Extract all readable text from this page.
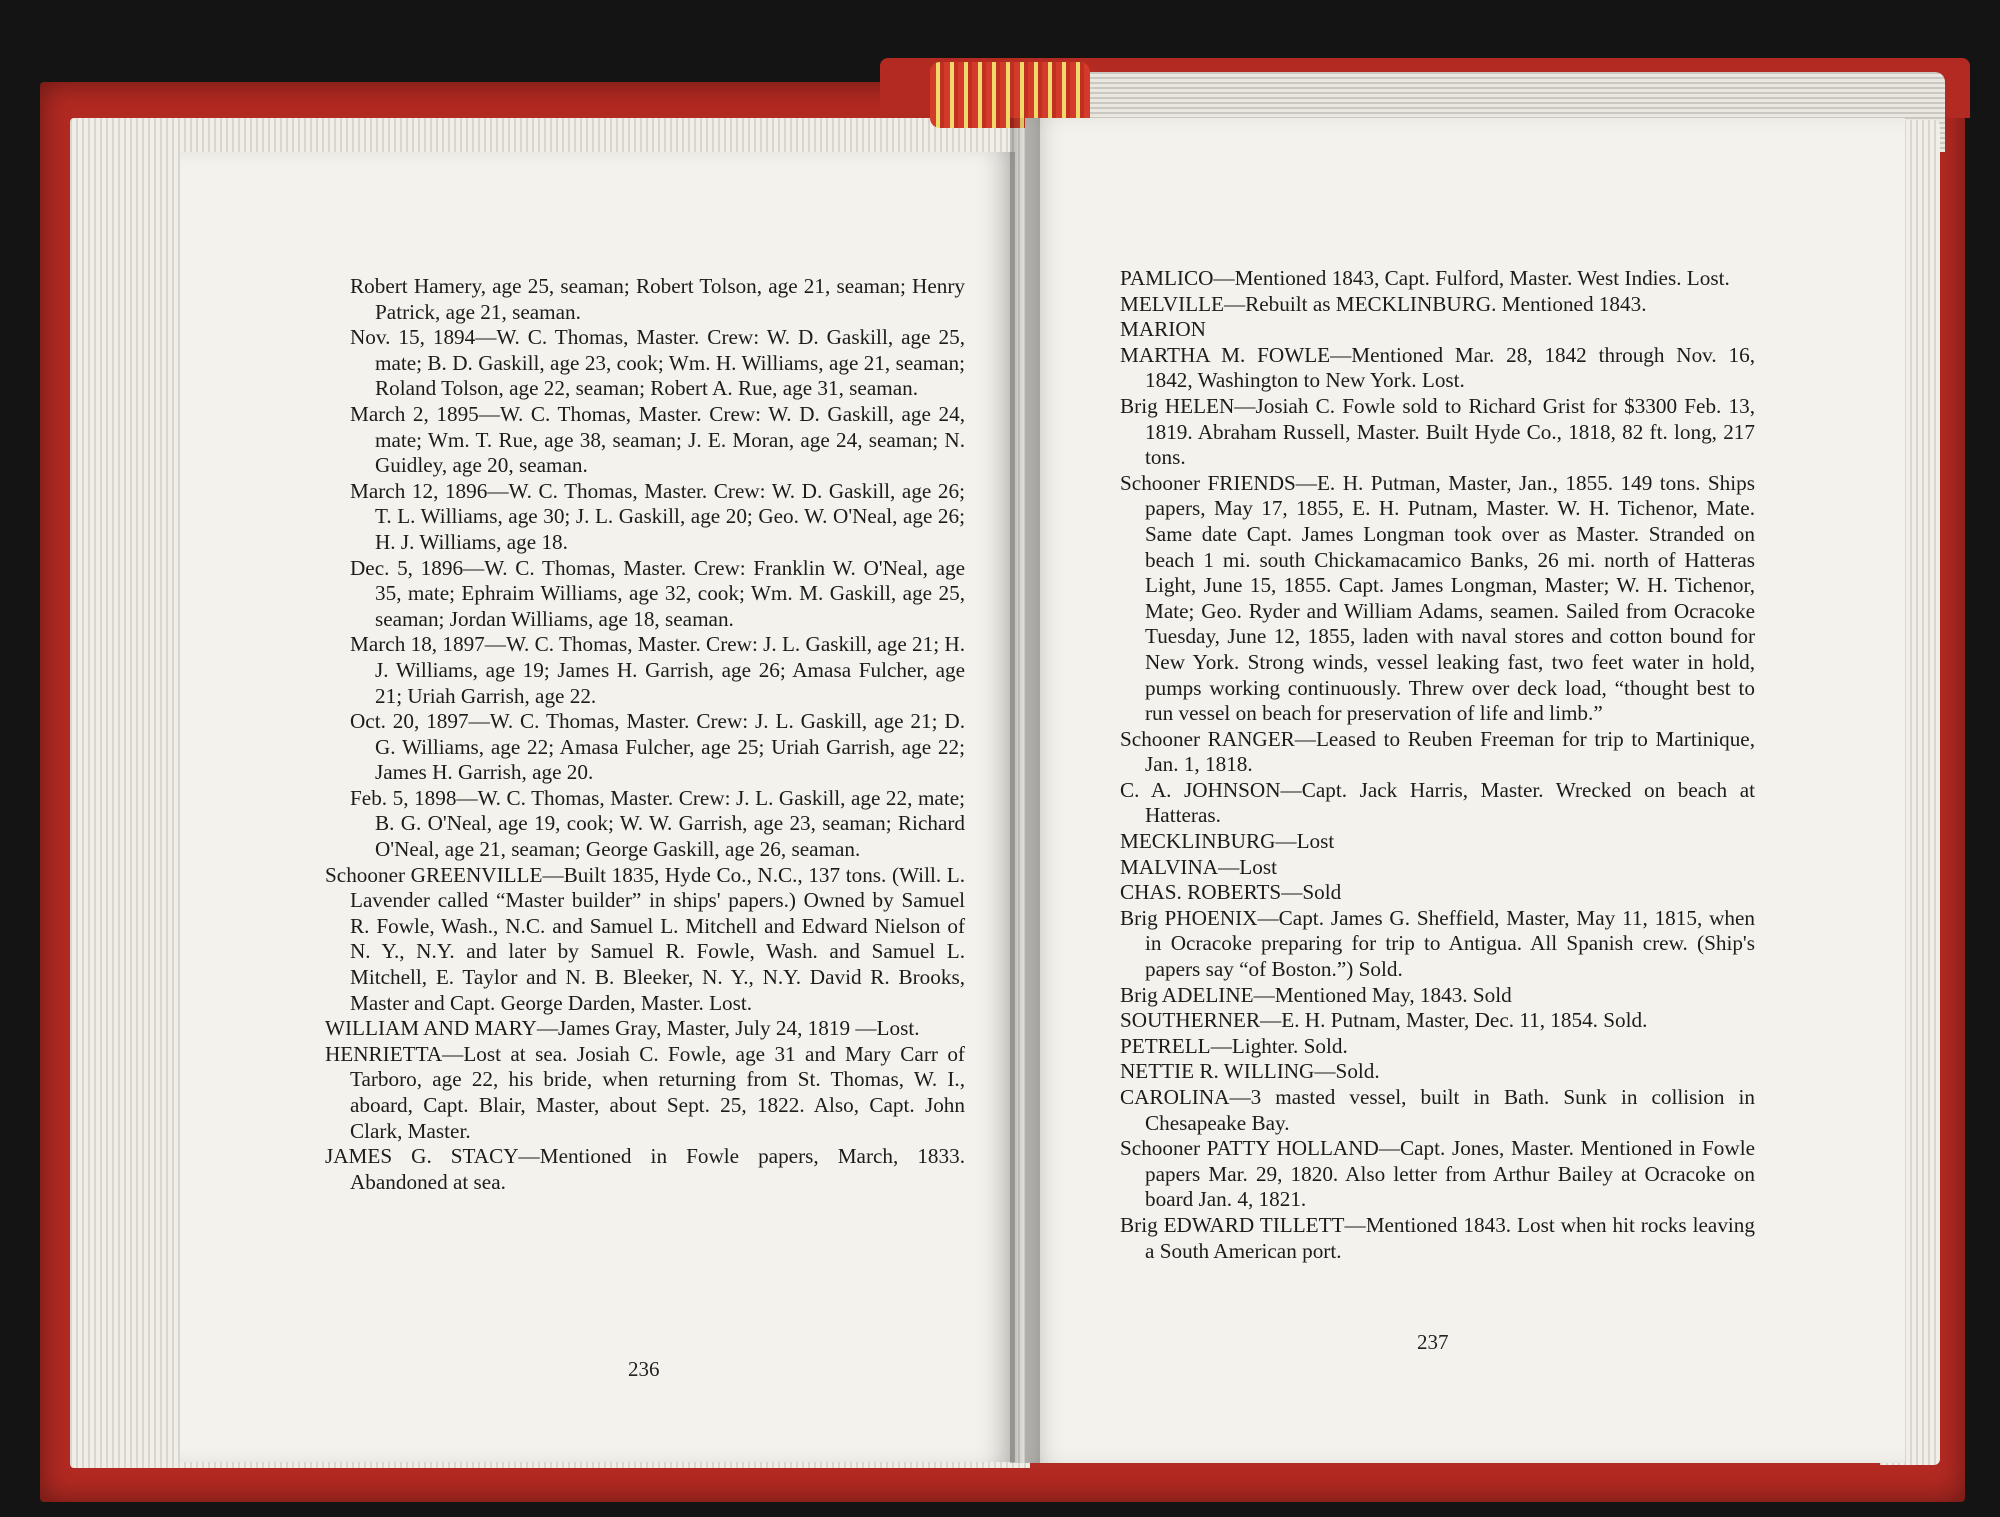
Robert Hamery, age 25, seaman; Robert Tolson, age 21, seaman; Henry Patrick, age 21, seaman.

Nov. 15, 1894—W. C. Thomas, Master. Crew: W. D. Gaskill, age 25, mate; B. D. Gaskill, age 23, cook; Wm. H. Williams, age 21, seaman; Roland Tolson, age 22, seaman; Robert A. Rue, age 31, seaman.

March 2, 1895—W. C. Thomas, Master. Crew: W. D. Gaskill, age 24, mate; Wm. T. Rue, age 38, seaman; J. E. Moran, age 24, seaman; N. Guidley, age 20, seaman.

March 12, 1896—W. C. Thomas, Master. Crew: W. D. Gaskill, age 26; T. L. Williams, age 30; J. L. Gaskill, age 20; Geo. W. O'Neal, age 26; H. J. Williams, age 18.

Dec. 5, 1896—W. C. Thomas, Master. Crew: Franklin W. O'Neal, age 35, mate; Ephraim Williams, age 32, cook; Wm. M. Gaskill, age 25, seaman; Jordan Williams, age 18, seaman.

March 18, 1897—W. C. Thomas, Master. Crew: J. L. Gaskill, age 21; H. J. Williams, age 19; James H. Garrish, age 26; Amasa Fulcher, age 21; Uriah Garrish, age 22.

Oct. 20, 1897—W. C. Thomas, Master. Crew: J. L. Gaskill, age 21; D. G. Williams, age 22; Amasa Fulcher, age 25; Uriah Garrish, age 22; James H. Garrish, age 20.

Feb. 5, 1898—W. C. Thomas, Master. Crew: J. L. Gaskill, age 22, mate; B. G. O'Neal, age 19, cook; W. W. Garrish, age 23, seaman; Richard O'Neal, age 21, seaman; George Gaskill, age 26, seaman.

Schooner GREENVILLE—Built 1835, Hyde Co., N.C., 137 tons. (Will. L. Lavender called “Master builder” in ships' papers.) Owned by Samuel R. Fowle, Wash., N.C. and Samuel L. Mitchell and Edward Nielson of N. Y., N.Y. and later by Samuel R. Fowle, Wash. and Samuel L. Mitchell, E. Taylor and N. B. Bleeker, N. Y., N.Y. David R. Brooks, Master and Capt. George Darden, Master. Lost.

WILLIAM AND MARY—James Gray, Master, July 24, 1819 —Lost.

HENRIETTA—Lost at sea. Josiah C. Fowle, age 31 and Mary Carr of Tarboro, age 22, his bride, when returning from St. Thomas, W. I., aboard, Capt. Blair, Master, about Sept. 25, 1822. Also, Capt. John Clark, Master.

JAMES G. STACY—Mentioned in Fowle papers, March, 1833. Abandoned at sea.

236

PAMLICO—Mentioned 1843, Capt. Fulford, Master. West Indies. Lost.

MELVILLE—Rebuilt as MECKLINBURG. Mentioned 1843.

MARION

MARTHA M. FOWLE—Mentioned Mar. 28, 1842 through Nov. 16, 1842, Washington to New York. Lost.

Brig HELEN—Josiah C. Fowle sold to Richard Grist for $3300 Feb. 13, 1819. Abraham Russell, Master. Built Hyde Co., 1818, 82 ft. long, 217 tons.

Schooner FRIENDS—E. H. Putman, Master, Jan., 1855. 149 tons. Ships papers, May 17, 1855, E. H. Putnam, Master. W. H. Tichenor, Mate. Same date Capt. James Longman took over as Master. Stranded on beach 1 mi. south Chickamacamico Banks, 26 mi. north of Hatteras Light, June 15, 1855. Capt. James Longman, Master; W. H. Tichenor, Mate; Geo. Ryder and William Adams, seamen. Sailed from Ocracoke Tuesday, June 12, 1855, laden with naval stores and cotton bound for New York. Strong winds, vessel leaking fast, two feet water in hold, pumps working continuously. Threw over deck load, “thought best to run vessel on beach for preservation of life and limb.”

Schooner RANGER—Leased to Reuben Freeman for trip to Martinique, Jan. 1, 1818.

C. A. JOHNSON—Capt. Jack Harris, Master. Wrecked on beach at Hatteras.

MECKLINBURG—Lost

MALVINA—Lost

CHAS. ROBERTS—Sold

Brig PHOENIX—Capt. James G. Sheffield, Master, May 11, 1815, when in Ocracoke preparing for trip to Antigua. All Spanish crew. (Ship's papers say “of Boston.”) Sold.

Brig ADELINE—Mentioned May, 1843. Sold

SOUTHERNER—E. H. Putnam, Master, Dec. 11, 1854. Sold.

PETRELL—Lighter. Sold.

NETTIE R. WILLING—Sold.

CAROLINA—3 masted vessel, built in Bath. Sunk in collision in Chesapeake Bay.

Schooner PATTY HOLLAND—Capt. Jones, Master. Mentioned in Fowle papers Mar. 29, 1820. Also letter from Arthur Bailey at Ocracoke on board Jan. 4, 1821.

Brig EDWARD TILLETT—Mentioned 1843. Lost when hit rocks leaving a South American port.

237
